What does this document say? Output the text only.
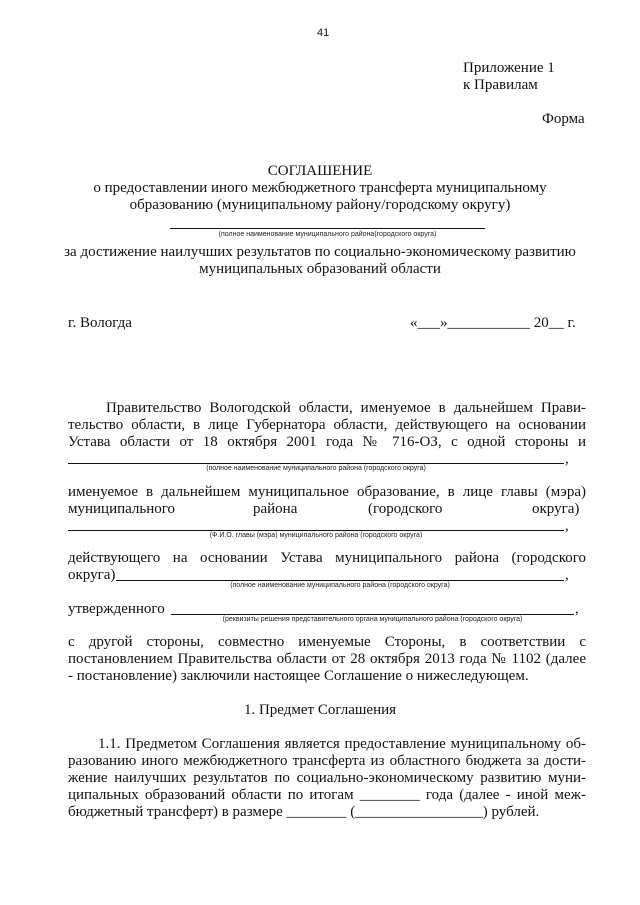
41
Приложение 1
к Правилам
Форма
СОГЛАШЕНИЕ
о предоставлении иного межбюджетного трансферта муниципальному
образованию (муниципальному району/городскому округу)
(полное наименование муниципального района(городского округа)
за достижение наилучших результатов по социально-экономическому развитию
муниципальных образований области
г. Вологда	«___»___________ 20__ г.
Правительство Вологодской области, именуемое в дальнейшем Прави-
тельство области, в лице Губернатора области, действующего на основании
Устава области от 18 октября 2001 года № 716-ОЗ, с одной стороны и
,
(полное наименование муниципального района (городского округа)
именуемое в дальнейшем муниципальное образование, в лице главы (мэра)
муниципального	района	(городского	округа)
,
(Ф.И.О. главы (мэра) муниципального района (городского округа)
действующего на основании Устава муниципального района (городского
округа)	,
(полное наименование муниципального района (городского округа)
утвержденного	,
(реквизиты решения представительного органа муниципального района (городского округа)
с другой стороны, совместно именуемые Стороны, в соответствии с
постановлением Правительства области от 28 октября 2013 года № 1102 (далее
- постановление) заключили настоящее Соглашение о нижеследующем.
1. Предмет Соглашения
1.1. Предметом Соглашения является предоставление муниципальному об-
разованию иного межбюджетного трансферта из областного бюджета за дости-
жение наилучших результатов по социально-экономическому развитию муни-
ципальных образований области по итогам ________ года (далее - иной меж-
бюджетный трансферт) в размере ________ (_________________) рублей.
